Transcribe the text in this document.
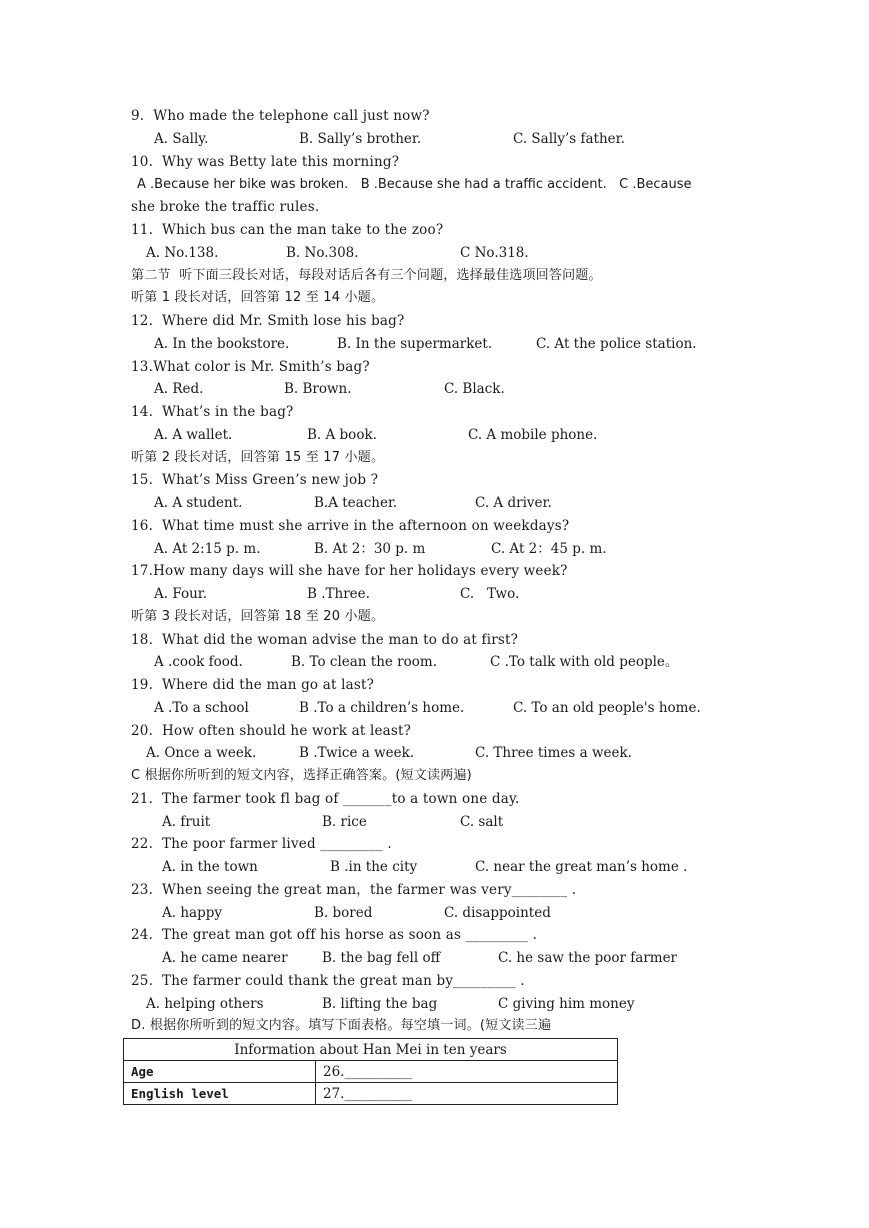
9.  Who made the telephone call just now?

A. Sally.

	B. Sally’s brother.

	C. Sally’s father.

10.  Why was Betty late this morning?
A .Because her bike was broken.   B .Because she had a traffic accident.   C .Because
she broke the traffic rules.
11.  Which bus can the man take to the zoo?

A. No.138.

	B. No.308.

	C No.318.

第二节  听下面三段长对话，每段对话后各有三个问题，选择最佳选项回答问题。
听第 1 段长对话，回答第 12 至 14 小题。
12.  Where did Mr. Smith lose his bag?

A. In the bookstore.

	B. In the supermarket.

	C. At the police station.

13.What color is Mr. Smith’s bag?

A. Red.

	B. Brown.

	C. Black.

14.  What’s in the bag?

A. A wallet.

	B. A book.

	C. A mobile phone.

听第 2 段长对话，回答第 15 至 17 小题。
15.  What’s Miss Green’s new job ?

A. A student.

	B.A teacher.

	C. A driver.

16.  What time must she arrive in the afternoon on weekdays?

A. At 2:15 p. m.

	B. At 2：30 p. m

	C. At 2：45 p. m.

17.How many days will she have for her holidays every week?

A. Four.

	B .Three.

	C.   Two.

听第 3 段长对话，回答第 18 至 20 小题。
18.  What did the woman advise the man to do at first?

A .cook food.

	B. To clean the room.

	C .To talk with old people。

19.  Where did the man go at last?

A .To a school

	B .To a children’s home.

	C. To an old people's home.

20.  How often should he work at least?

A. Once a week.

	B .Twice a week.

	C. Three times a week.

C 根据你所听到的短文内容，选择正确答案。(短文读两遍)
21.  The farmer took fl bag of _______to a town one day.

A. fruit

	B. rice

	C. salt

22.  The poor farmer lived _________ .

A. in the town

	B .in the city

	C. near the great man’s home .

23.  When seeing the great man，the farmer was very________ .

A. happy

	B. bored

	C. disappointed

24.  The great man got off his horse as soon as _________ .

A. he came nearer

	B. the bag fell off

	C. he saw the poor farmer

25.  The farmer could thank the great man by_________ .

A. helping others

	B. lifting the bag

	C giving him money

D. 根据你所听到的短文内容。填写下面表格。每空填一词。(短文读三遍
Information about Han Mei in ten years	
Age	26.__________
English level	27.__________
